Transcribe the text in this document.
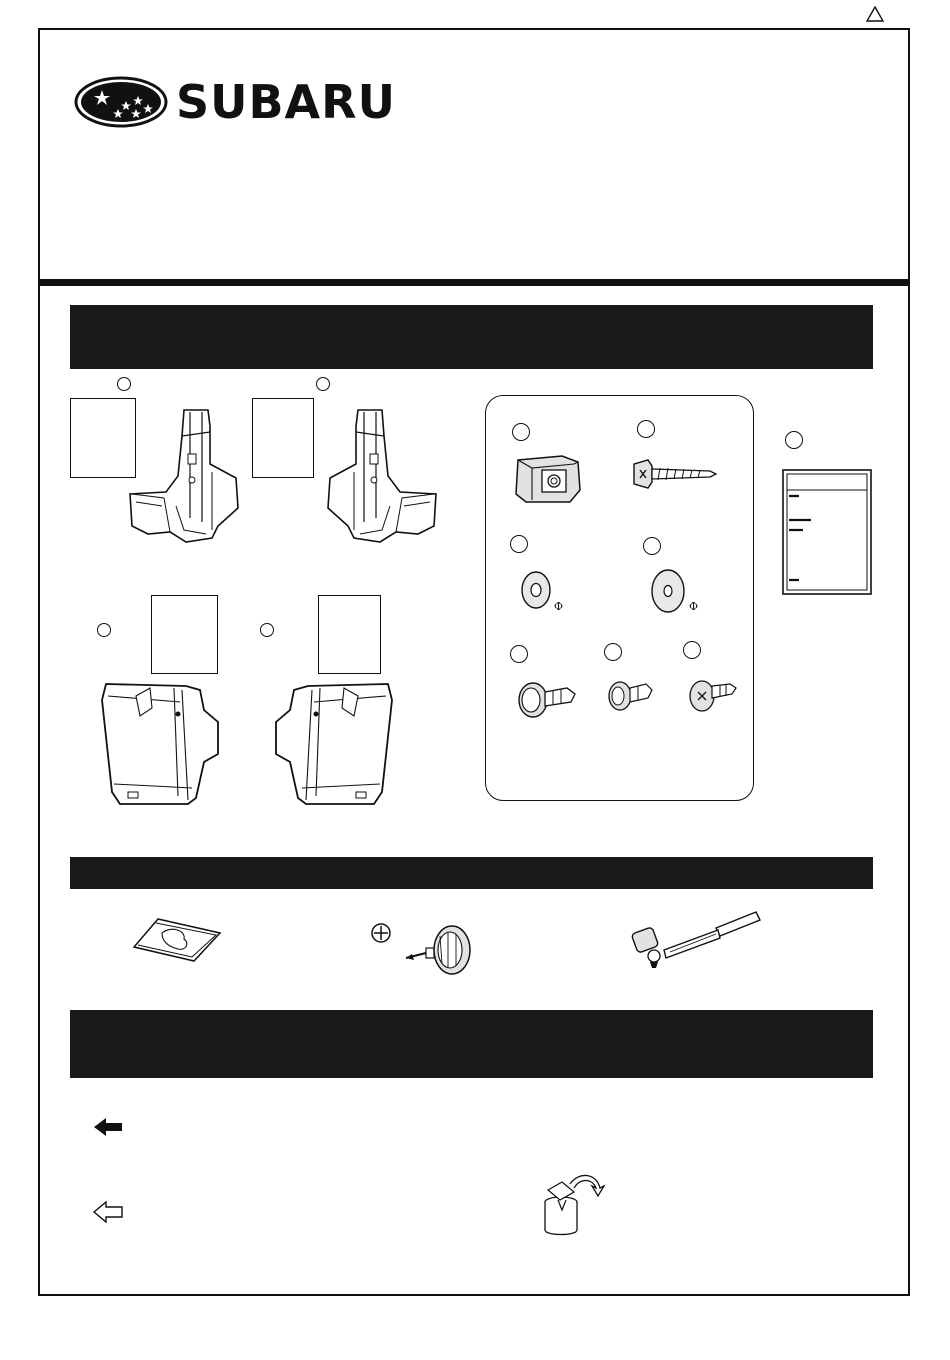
SUBARU
Φ	Φ
